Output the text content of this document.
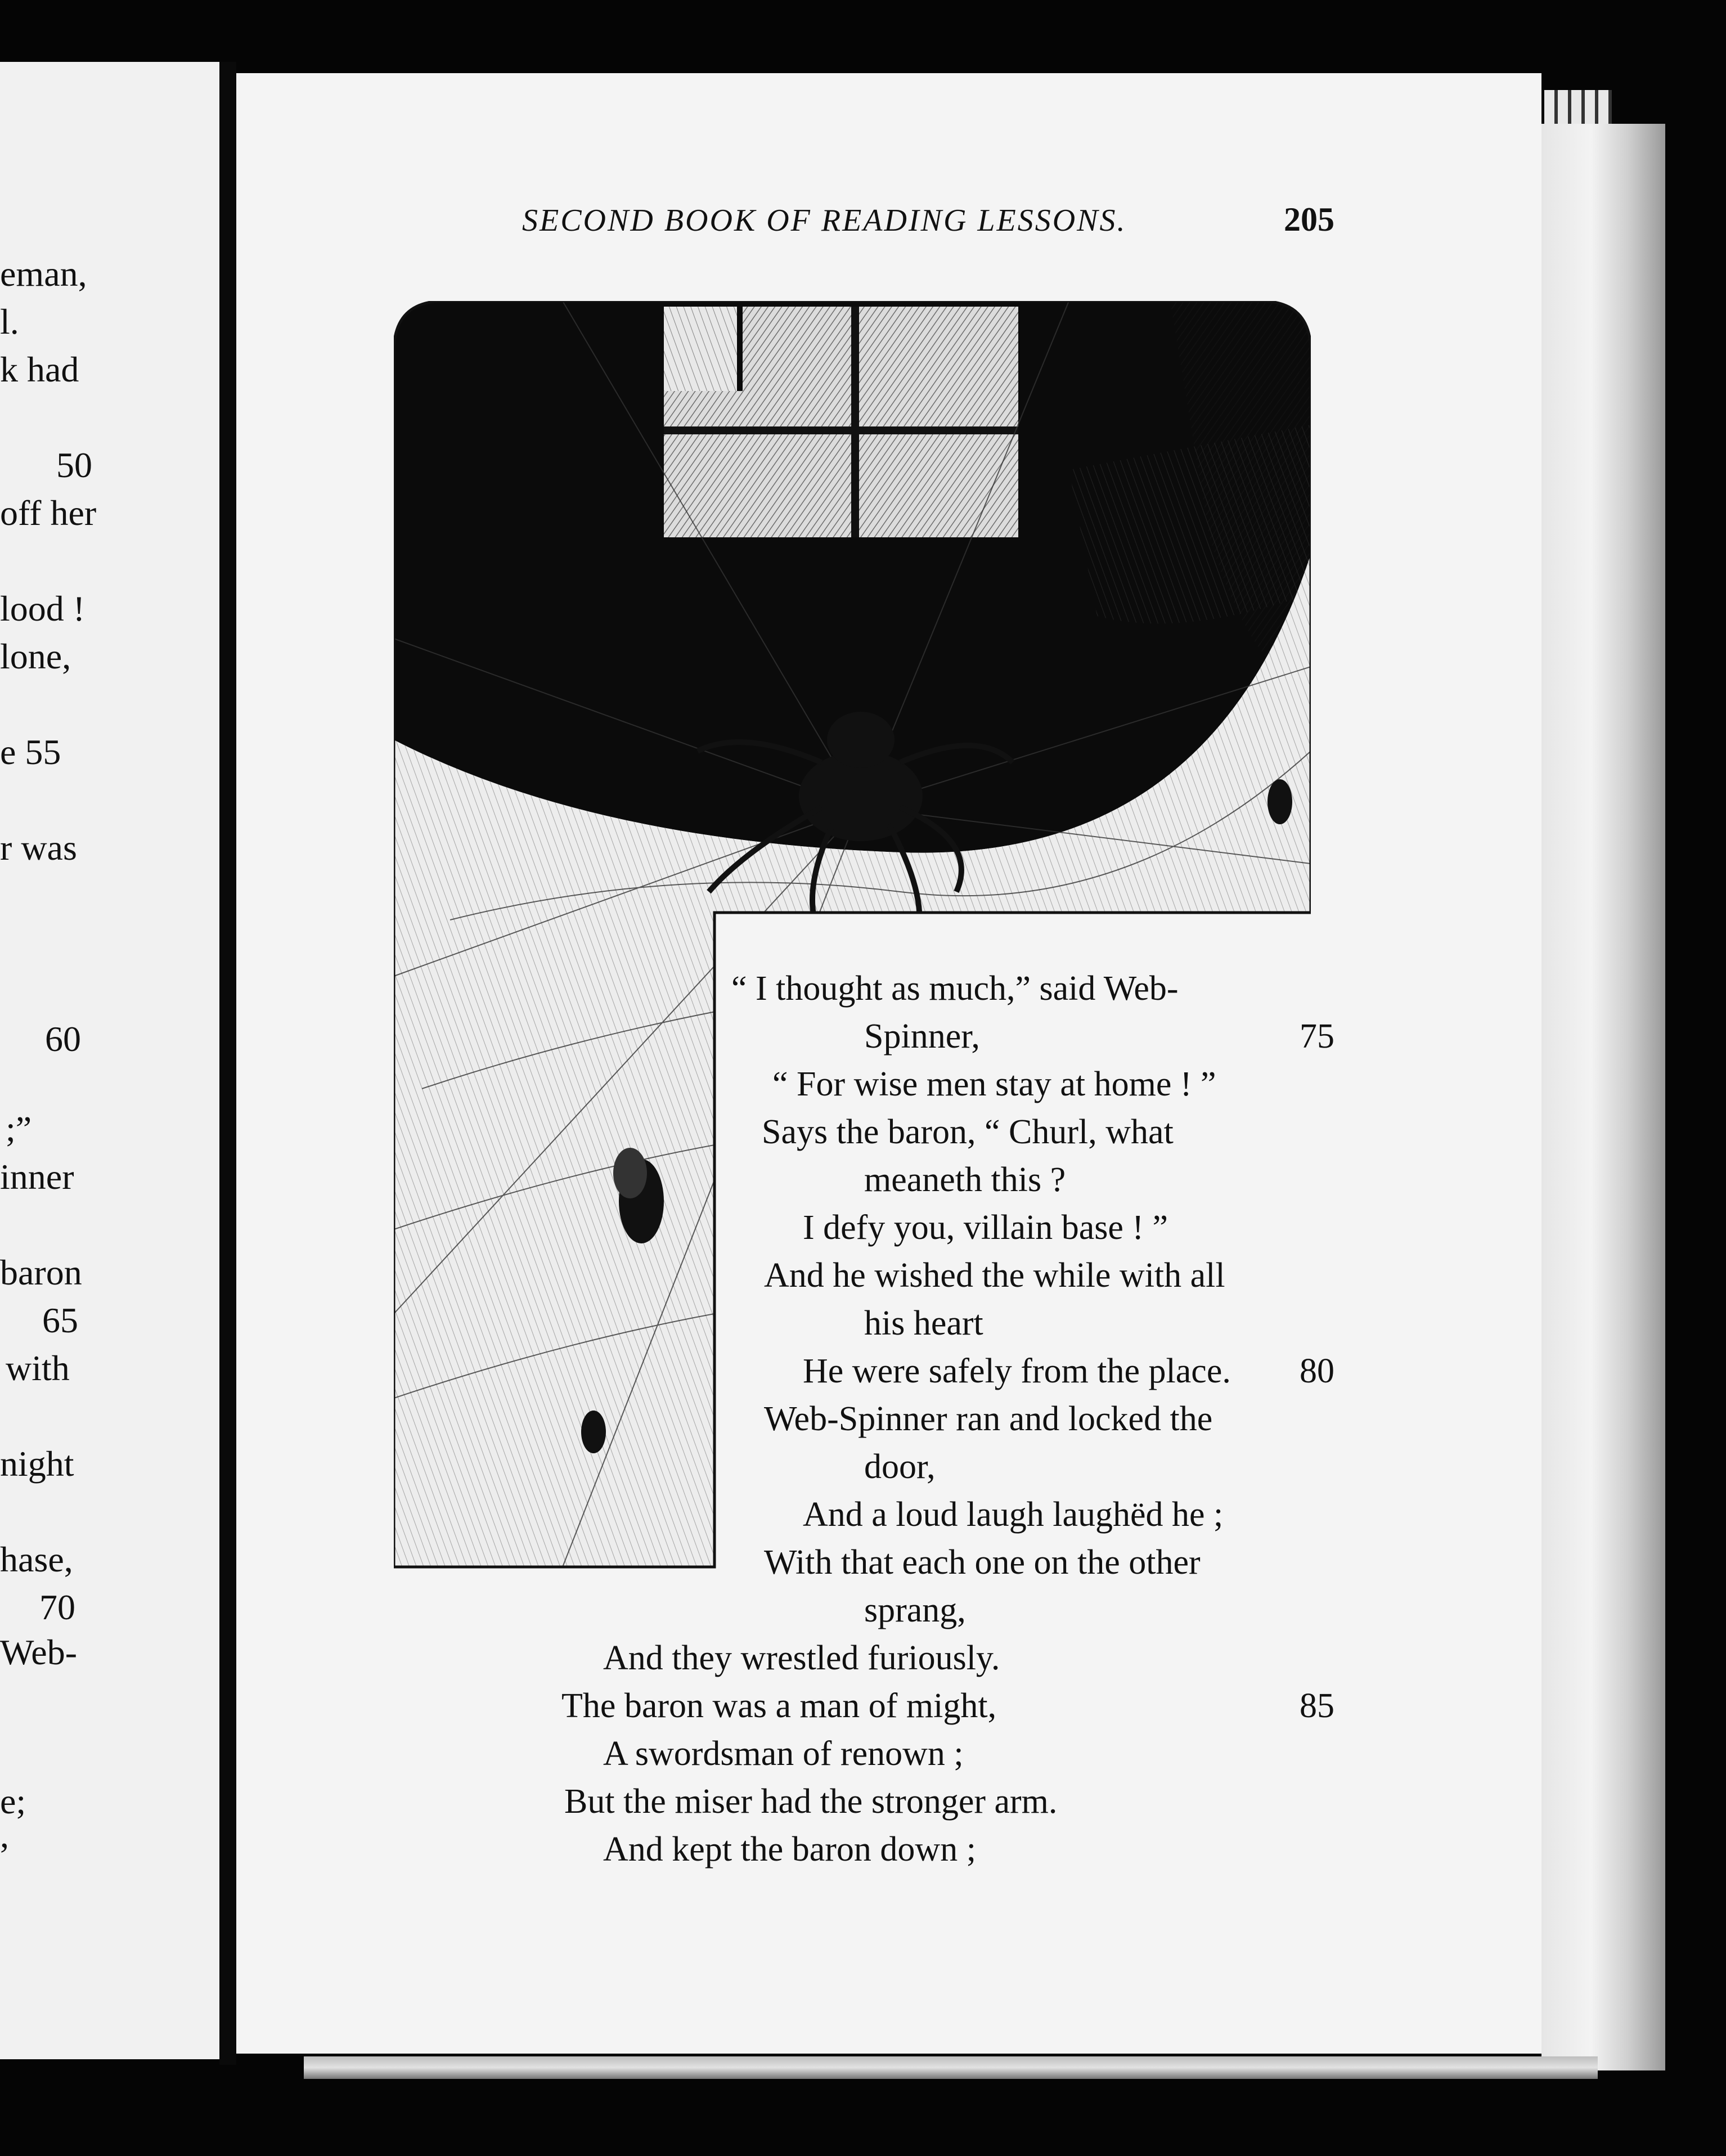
eman,
l.
k had
50
off her
lood !
lone,
e 55
r was
60
;”
inner
baron
65
with
night
hase,
70
Web-
e;
,
SECOND BOOK OF READING LESSONS.	205
“ I thought as much,” said Web-
Spinner,	75
“ For wise men stay at home ! ”
Says the baron, “ Churl, what
meaneth this ?
I defy you, villain base ! ”
And he wished the while with all
his heart
He were safely from the place. 80
Web-Spinner ran and locked the
door,
And a loud laugh laughëd he ;
With that each one on the other
sprang,
And they wrestled furiously.
The baron was a man of might,	85
A swordsman of renown ;
But the miser had the stronger arm.
And kept the baron down ;
